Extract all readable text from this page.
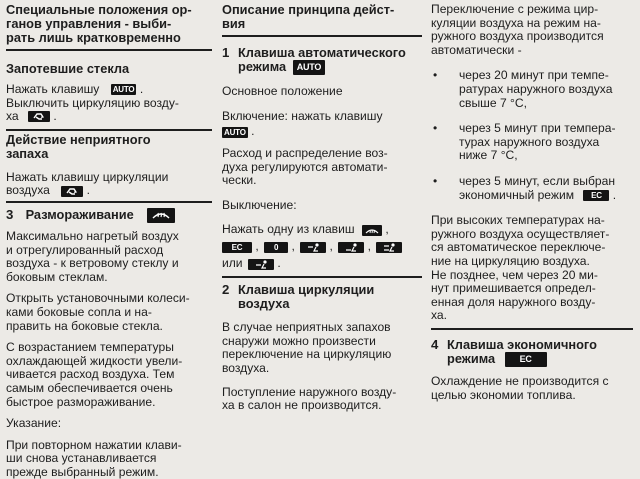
Специальные положения ор-
ганов управления - выби-
рать лишь кратковременно
Запотевшие стекла
Нажать клавишу AUTO .
Выключить циркуляцию возду-
ха	.
Действие неприятного
запаха
Нажать клавишу циркуляции
воздуха	.
3 Размораживание
Максимально нагретый воздух
и отрегулированный расход
воздуха - к ветровому стеклу и
боковым стеклам.
Открыть установочными колеси-
ками боковые сопла и на-
править на боковые стекла.
С возрастанием температуры
охлаждающей жидкости увели-
чивается расход воздуха. Тем
самым обеспечивается очень
быстрое размораживание.
Указание:
При повторном нажатии клави-
ши снова устанавливается
прежде выбранный режим.
Описание принципа дейст-
вия
1 Клавиша автоматического
режима AUTO
Основное положение
Включение: нажать клавишу
AUTO .
Расход и распределение воз-
духа регулируются автомати-
чески.
Выключение:
Нажать одну из клавиш
,
EC , 0 ,
,
,
или	.
2 Клавиша циркуляции
воздуха
В случае неприятных запахов
снаружи можно произвести
переключение на циркуляцию
воздуха.
Поступление наружного возду-
ха в салон не производится.
Переключение с режима цир-
куляции воздуха на режим на-
ружного воздуха производится
автоматически -
•	через 20 минут при темпе-
ратурах наружного воздуха
свыше 7 °C,
•	через 5 минут при темпера-
турах наружного воздуха
ниже 7 °C,
•	через 5 минут, если выбран
экономичный режим EC .
При высоких температурах на-
ружного воздуха осуществляет-
ся автоматическое переключе-
ние на циркуляцию воздуха.
Не позднее, чем через 20 ми-
нут примешивается определ-
енная доля наружного возду-
ха.
4 Клавиша экономичного
режима	EC
Охлаждение не производится с
целью экономии топлива.
